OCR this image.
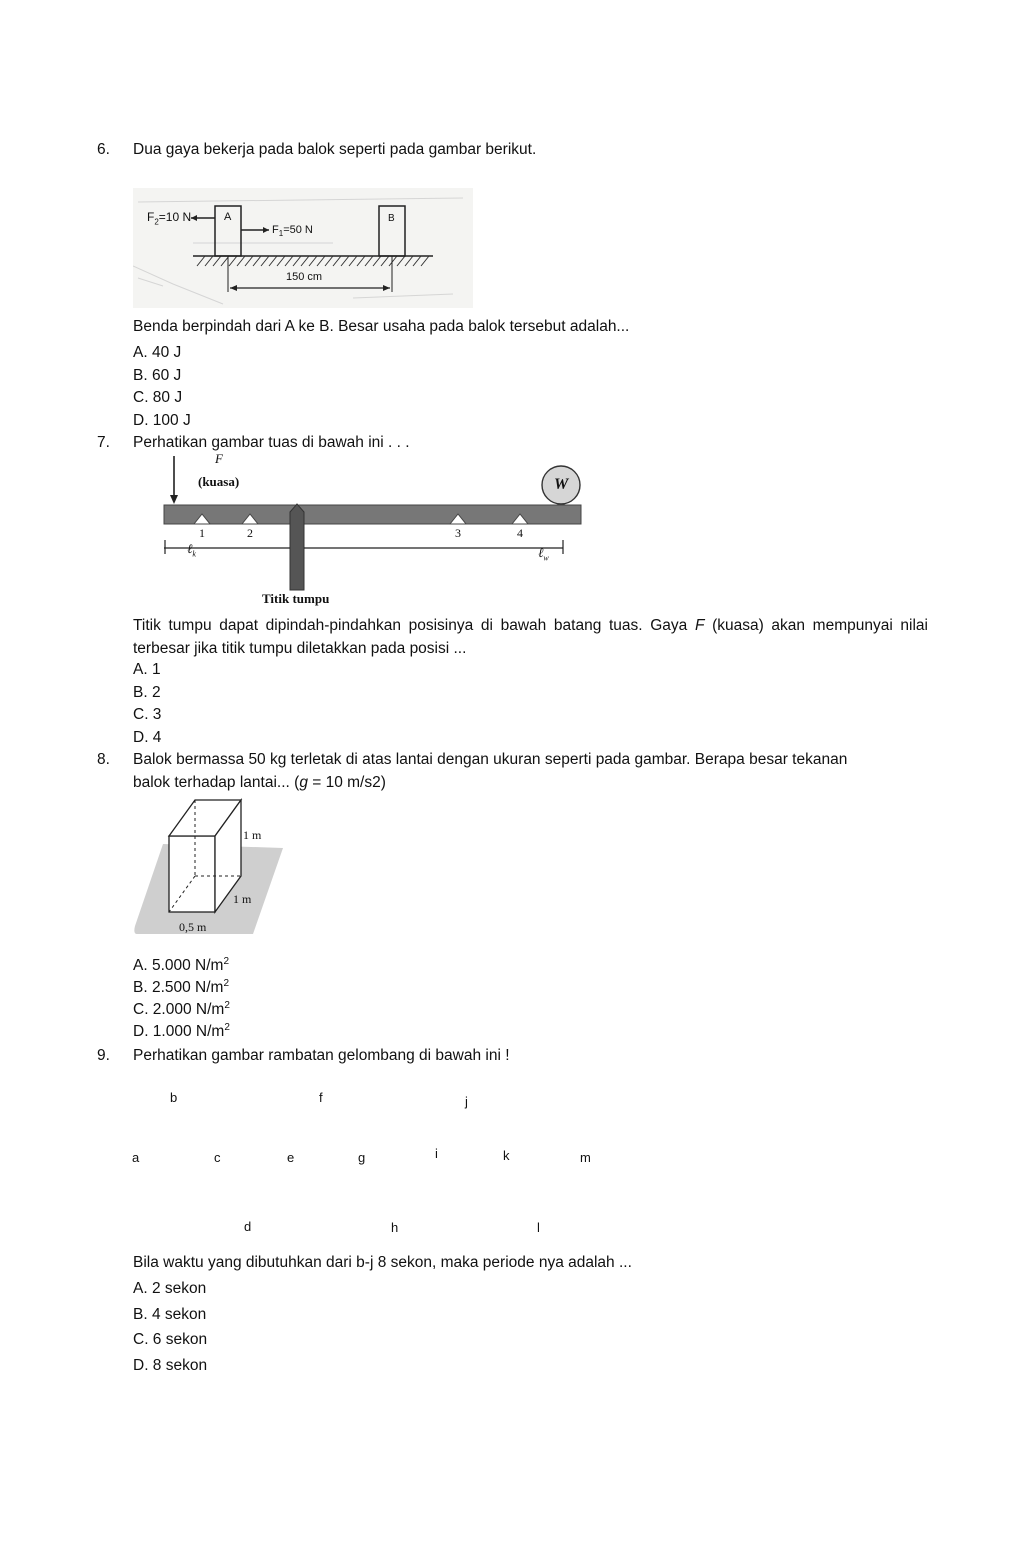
6. Dua gaya bekerja pada balok seperti pada gambar berikut.
$F_2=10$ N	A	B
$F_1=50$ N
150 cm
Benda berpindah dari A ke B. Besar usaha pada balok tersebut adalah...
A. 40 J
B. 60 J
C. 80 J
D. 100 J
7. Perhatikan gambar tuas di bawah ini . . .
F
(kuasa)	W
1	2	3	4
ℓ$_k$	ℓ$_w$
Titik tumpu
Titik tumpu dapat dipindah-pindahkan posisinya di bawah batang tuas. Gaya F (kuasa) akan mempunyai nilai terbesar jika titik tumpu diletakkan pada posisi ...
A. 1
B. 2
C. 3
D. 4
8. Balok bermassa 50 kg terletak di atas lantai dengan ukuran seperti pada gambar. Berapa besar tekanan
balok terhadap lantai... (g = 10 m/s2)
1 m
1 m
0,5 m
A. 5.000 $N/m^2$
B. 2.500 $N/m^2$
C. 2.000 $N/m^2$
D. 1.000 $N/m^2$
9. Perhatikan gambar rambatan gelombang di bawah ini !
b	f	j
a	c	e	g	i	k	m
d	h	l
Bila waktu yang dibutuhkan dari b-j 8 sekon, maka periode nya adalah ...
A. 2 sekon
B. 4 sekon
C. 6 sekon
D. 8 sekon
